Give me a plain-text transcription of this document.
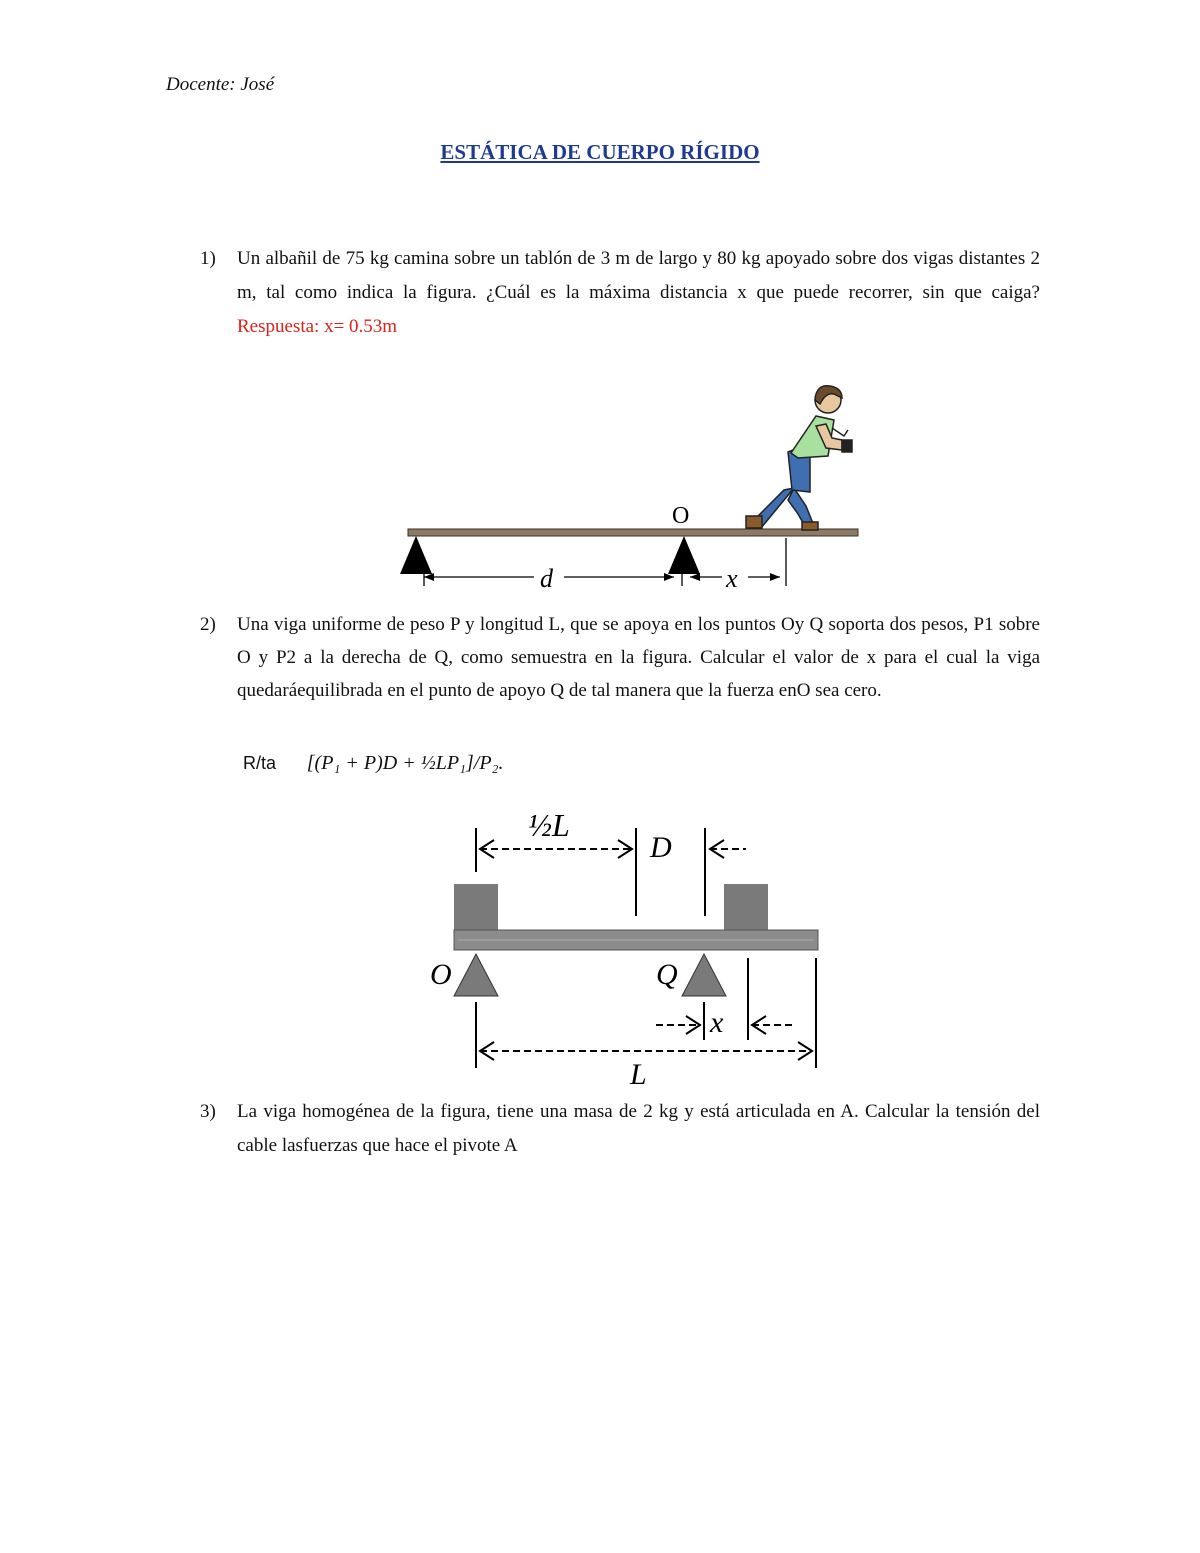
Docente: José
ESTÁTICA DE CUERPO RÍGIDO
1) Un albañil de 75 kg camina sobre un tablón de 3 m de largo y 80 kg apoyado sobre dos vigas distantes 2 m, tal como indica la figura. ¿Cuál es la máxima distancia x que puede recorrer, sin que caiga? Respuesta: x= 0.53m
O
d	x
2) Una viga uniforme de peso P y longitud L, que se apoya en los puntos Oy Q soporta dos pesos, P1 sobre O y P2 a la derecha de Q, como semuestra en la figura. Calcular el valor de x para el cual la viga quedaráequilibrada en el punto de apoyo Q de tal manera que la fuerza enO sea cero.
R/ta [(P₁ + P)D + ½LP₁]/P₂.
½L
D
O	Q
x
L
3) La viga homogénea de la figura, tiene una masa de 2 kg y está articulada en A. Calcular la tensión del cable lasfuerzas que hace el pivote A
